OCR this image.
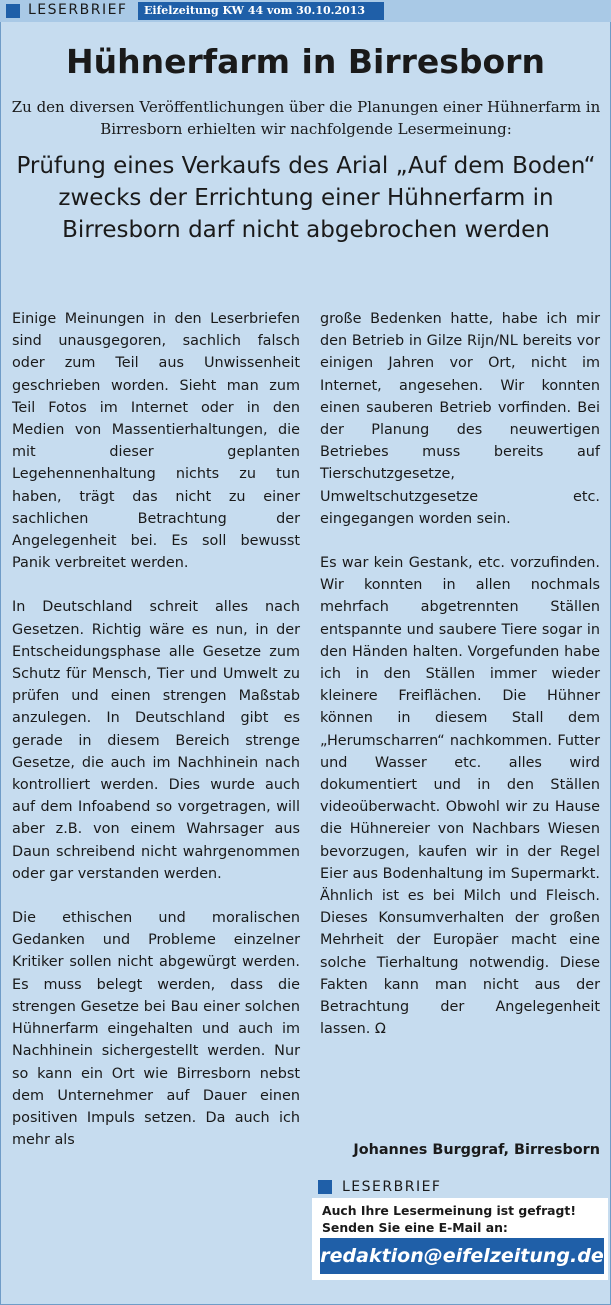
LESERBRIEF	Eifelzeitung KW 44 vom 30.10.2013
Hühnerfarm in Birresborn

Zu den diversen Veröffentlichungen über die Planungen einer Hühnerfarm in Birresborn erhielten wir nachfolgende Lesermeinung:

Prüfung eines Verkaufs des Arial „Auf dem Boden“ zwecks der Errichtung einer Hühnerfarm in Birresborn darf nicht abgebrochen werden

Einige Meinungen in den Leserbriefen sind unausgegoren, sachlich falsch oder zum Teil aus Unwissenheit geschrieben worden. Sieht man zum Teil Fotos im Internet oder in den Medien von Massentierhaltungen, die mit dieser geplanten Legehennenhaltung nichts zu tun haben, trägt das nicht zu einer sachlichen Betrachtung der Angelegenheit bei. Es soll bewusst Panik verbreitet werden.

In Deutschland schreit alles nach Gesetzen. Richtig wäre es nun, in der Entscheidungsphase alle Gesetze zum Schutz für Mensch, Tier und Umwelt zu prüfen und einen strengen Maßstab anzulegen. In Deutschland gibt es gerade in diesem Bereich strenge Gesetze, die auch im Nachhinein nach kontrolliert werden. Dies wurde auch auf dem Infoabend so vorgetragen, will aber z.B. von einem Wahrsager aus Daun schreibend nicht wahrgenommen oder gar verstanden werden.

Die ethischen und moralischen Gedanken und Probleme einzelner Kritiker sollen nicht abgewürgt werden. Es muss belegt werden, dass die strengen Gesetze bei Bau einer solchen Hühnerfarm eingehalten und auch im Nachhinein sichergestellt werden. Nur so kann ein Ort wie Birresborn nebst dem Unternehmer auf Dauer einen positiven Impuls setzen. Da auch ich mehr als

große Bedenken hatte, habe ich mir den Betrieb in Gilze Rijn/NL bereits vor einigen Jahren vor Ort, nicht im Internet, angesehen. Wir konnten einen sauberen Betrieb vorfinden. Bei der Planung des neuwertigen Betriebes muss bereits auf Tierschutzgesetze, Umweltschutzgesetze etc. eingegangen worden sein.

Es war kein Gestank, etc. vorzufinden. Wir konnten in allen nochmals mehrfach abgetrennten Ställen entspannte und saubere Tiere sogar in den Händen halten. Vorgefunden habe ich in den Ställen immer wieder kleinere Freiflächen. Die Hühner können in diesem Stall dem „Herumscharren“ nachkommen. Futter und Wasser etc. alles wird dokumentiert und in den Ställen videoüberwacht. Obwohl wir zu Hause die Hühnereier von Nachbars Wiesen bevorzugen, kaufen wir in der Regel Eier aus Bodenhaltung im Supermarkt. Ähnlich ist es bei Milch und Fleisch. Dieses Konsumverhalten der großen Mehrheit der Europäer macht eine solche Tierhaltung notwendig. Diese Fakten kann man nicht aus der Betrachtung der Angelegenheit lassen. Ω

Johannes Burggraf, Birresborn
LESERBRIEF
Auch Ihre Lesermeinung ist gefragt!
Senden Sie eine E-Mail an:
redaktion@eifelzeitung.de
